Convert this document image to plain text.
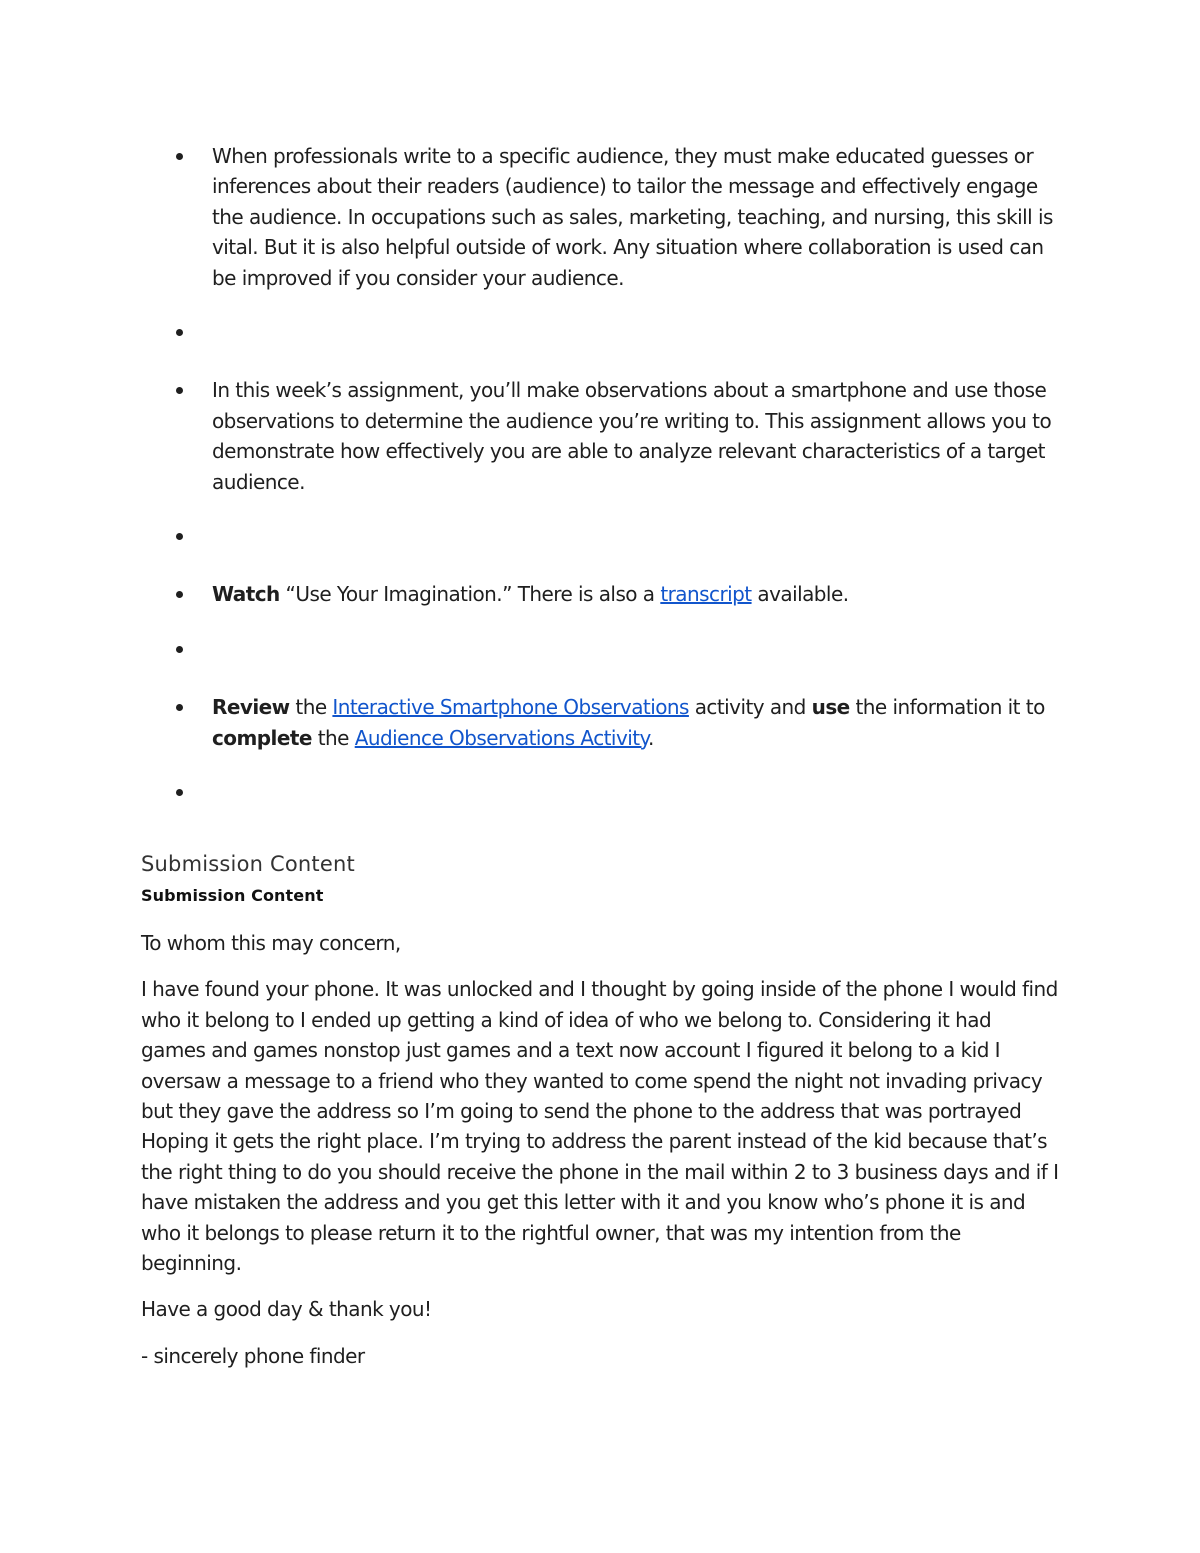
When professionals write to a specific audience, they must make educated guesses or inferences about their readers (audience) to tailor the message and effectively engage the audience. In occupations such as sales, marketing, teaching, and nursing, this skill is vital. But it is also helpful outside of work. Any situation where collaboration is used can be improved if you consider your audience.
In this week’s assignment, you’ll make observations about a smartphone and use those observations to determine the audience you’re writing to. This assignment allows you to demonstrate how effectively you are able to analyze relevant characteristics of a target audience.
Watch “Use Your Imagination.” There is also a transcript available.
Review the Interactive Smartphone Observations activity and use the information it to
complete the Audience Observations Activity.
Submission Content
Submission Content

To whom this may concern,

I have found your phone. It was unlocked and I thought by going inside of the phone I would find who it belong to I ended up getting a kind of idea of who we belong to. Considering it had games and games nonstop just games and a text now account I figured it belong to a kid I oversaw a message to a friend who they wanted to come spend the night not invading privacy but they gave the address so I’m going to send the phone to the address that was portrayed Hoping it gets the right place. I’m trying to address the parent instead of the kid because that’s the right thing to do you should receive the phone in the mail within 2 to 3 business days and if I have mistaken the address and you get this letter with it and you know who’s phone it is and who it belongs to please return it to the rightful owner, that was my intention from the beginning.

Have a good day & thank you!

- sincerely phone finder
